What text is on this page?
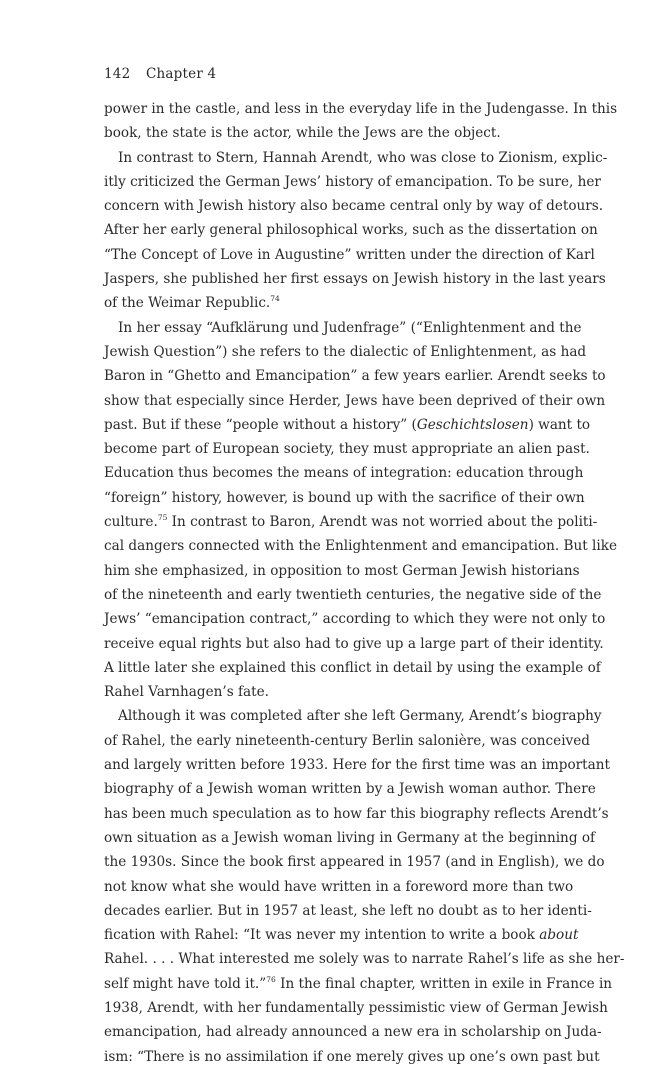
142 Chapter 4
power in the castle, and less in the everyday life in the Judengasse. In this
book, the state is the actor, while the Jews are the object.
In contrast to Stern, Hannah Arendt, who was close to Zionism, explic-
itly criticized the German Jews’ history of emancipation. To be sure, her
concern with Jewish history also became central only by way of detours.
After her early general philosophical works, such as the dissertation on
“The Concept of Love in Augustine” written under the direction of Karl
Jaspers, she published her first essays on Jewish history in the last years
of the Weimar Republic.$^{74}$
In her essay “Aufklärung und Judenfrage” (“Enlightenment and the
Jewish Question”) she refers to the dialectic of Enlightenment, as had
Baron in “Ghetto and Emancipation” a few years earlier. Arendt seeks to
show that especially since Herder, Jews have been deprived of their own
past. But if these “people without a history” (Geschichtslosen) want to
become part of European society, they must appropriate an alien past.
Education thus becomes the means of integration: education through
“foreign” history, however, is bound up with the sacrifice of their own
culture.$^{75}$ In contrast to Baron, Arendt was not worried about the politi-
cal dangers connected with the Enlightenment and emancipation. But like
him she emphasized, in opposition to most German Jewish historians
of the nineteenth and early twentieth centuries, the negative side of the
Jews’ “emancipation contract,” according to which they were not only to
receive equal rights but also had to give up a large part of their identity.
A little later she explained this conflict in detail by using the example of
Rahel Varnhagen’s fate.
Although it was completed after she left Germany, Arendt’s biography
of Rahel, the early nineteenth-century Berlin salonière, was conceived
and largely written before 1933. Here for the first time was an important
biography of a Jewish woman written by a Jewish woman author. There
has been much speculation as to how far this biography reflects Arendt’s
own situation as a Jewish woman living in Germany at the beginning of
the 1930s. Since the book first appeared in 1957 (and in English), we do
not know what she would have written in a foreword more than two
decades earlier. But in 1957 at least, she left no doubt as to her identi-
fication with Rahel: “It was never my intention to write a book about
Rahel. . . . What interested me solely was to narrate Rahel’s life as she her-
self might have told it.”$^{76}$ In the final chapter, written in exile in France in
1938, Arendt, with her fundamentally pessimistic view of German Jewish
emancipation, had already announced a new era in scholarship on Juda-
ism: “There is no assimilation if one merely gives up one’s own past but
